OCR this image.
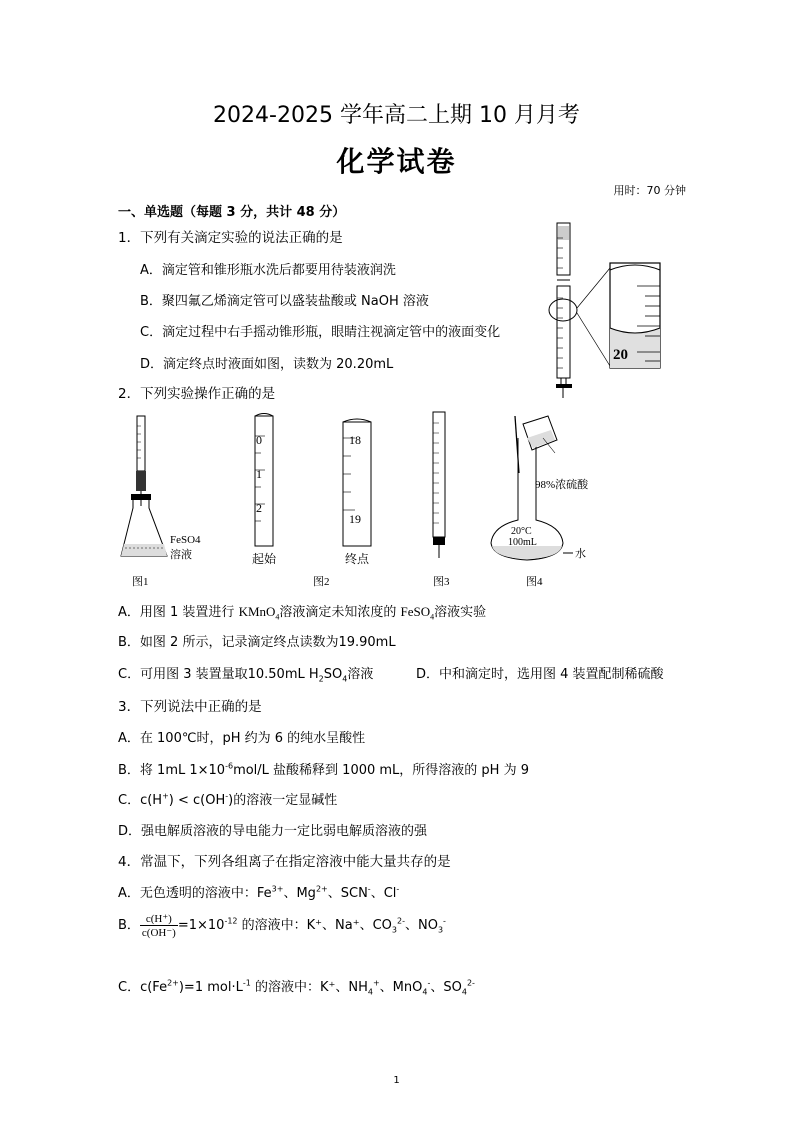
2024-2025 学年高二上期 10 月月考
化学试卷
用时：70 分钟
一、单选题（每题 3 分，共计 48 分）
1．下列有关滴定实验的说法正确的是
A．滴定管和锥形瓶水洗后都要用待装液润洗
B．聚四氟乙烯滴定管可以盛装盐酸或 NaOH 溶液
C．滴定过程中右手摇动锥形瓶，眼睛注视滴定管中的液面变化
D．滴定终点时液面如图，读数为 20.20mL
20
2．下列实验操作正确的是
FeSO4
溶液
0
1
2
起始
18
19
终点
98%浓硫酸
20°C
100mL
水
图1	图2	图3	图4
A．用图 1 装置进行 KMnO$_4$溶液滴定未知浓度的 FeSO$_4$溶液实验
B．如图 2 所示，记录滴定终点读数为19.90mL
C．可用图 3 装置量取10.50mL $H_2SO_4$溶液	D．中和滴定时，选用图 4 装置配制稀硫酸
3．下列说法中正确的是
A．在 100℃时，pH 约为 6 的纯水呈酸性
B．将 1mL $1\times 10^{-6}mol/L$ 盐酸稀释到 1000 mL，所得溶液的 pH 为 9
C．c(H+) < c(OH-)的溶液一定显碱性
D．强电解质溶液的导电能力一定比弱电解质溶液的强
4．常温下，下列各组离子在指定溶液中能大量共存的是
A．无色透明的溶液中：$Fe^{3+}$、$Mg^{2+}$、SCN-、Cl-
B． $\frac{c(H^+)}{c(OH^-)} =1\times 10^{-12}$ 的溶液中：K⁺、Na⁺、$CO_3^{2-}$、$NO_3^-$
C．$c(Fe^{2+})=1$ $mol\cdot L^{-1}$ 的溶液中：K⁺、$NH_4^+$、MnO$_4$-、$SO_4^{2-}$
1
